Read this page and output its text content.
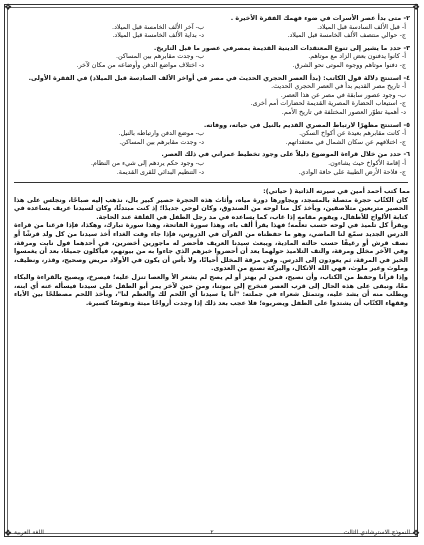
❖	❖
❖	❖
٢- متى بدأ عصر الأسرات في ضوء فهمك الفقرة الأخيرة .
أ- قبل الألف السادسة قبل الميلاد.
ب- آخر الألف الخامسة قبل الميلاد.
ج- حوالي منتصف الألف الخامسة قبل الميلاد.
د- بداية الألف الخامسة قبل الميلاد.
٣- حدد ما يشير إلى تنوع المعتقدات الدينية القديمة بمصرفي عصور ما قبل التاريخ.
أ- كانوا يدفنون بعض الزاد مع موتاهم.
ب- وجدت مقابرهم بين المساكن.
ج- دفنوا موتاهم ووجوه الموتى نحو الشرق.
د- اختلاف مواضع الدفن وأوضاعه من مكان لآخر.
٤- استنتج دلالة قول الكاتب: (بدأ العصر الحجري الحديث في مصر في أواخر الألف السادسة قبل الميلاد) في الفقرة الأولى.
أ- تاريخ مصر القديم بدأ في العصر الحجري الحديث.
ب- وجود عصور سابقة في مصر عن هذا العصر.
ج- استيعاب الحضارة المصرية القديمة لحضارات أمم أخرى.
د- أهمية تطوّر العصور المختلفة في تاريخ الأمم.
٥- استنتج مظهرًا لارتباط المصري القديم بالنيل في حياته، ووفاته.
أ- كانت مقابرهم بعيدة عن أكواخ السكن.
ب- موضع الدفن وارتباطه بالنيل.
ج- اختلافهم عن سكان الشمال في معتقداتهم.
د- وجدت مقابرهم بين المساكن.
٦- حدد من خلال قراءة الموضوع دليلاً على وجود تخطيط عمراني في ذلك العصر.
أ- إقامة الأكواخ حيث يشاءون.
ب- وجود حكم يردهم إلى شيء من النظام.
ج- فلاحة الأرض الطيبة على حافة الوادي.
د- التنظيم البدائي للقرى القديمة.
مما كتب أحمد أمين في سيرته الذاتية ( حياتي):

كان الكتّاب حجرة متصلة بالمسجد، ويجاورها دورة مياه، وأثاث هذه الحجرة حصير كبير بال، نذهب إليه صباحًا، ونجلس على هذا الحصير متربعين متلاصقين، وبأخذ كل منا لوحه من الصندوق، وكان لوحي جديدًا؛ إذ كنت مبتدئًا، وكان لسيدنا عريف يساعده في كتابة الألواح للأطفال، ويقوم مقامه إذا غاب، كما يساعده في مد رجل الطفل في الفلقة عند الحاجة.

ويقرأ كل تلميذ في لوحه حسب تعلّمه؛ فهذا يقرأ ألف باء، وهذا سورة الفاتحة، وهذا سورة تبارك، وهكذا، فإذا فرغنا من قراءة الدرس الجديد سمّع لنا الماضي، وهو ما حفظناه من القرآن في الدروس، فإذا جاء وقت الغداء أخذ سيدنا من كل ولد قرشًا أو نصف قرش أو رغيفًا حسب حالته المادية، ويبعث سيدنا العريف فأحضر له ماجورين أخضرين، في أحدهما فول نابت ومرقة، وفي الآخر مخلل ومرقة، والتف التلاميذ حولهما يعد أن أحضروا خبزهم الذي جاءوا به من بيوتهم، فيأكلون جميعًا، بعد أن يغمسوا الخبز في المرقة، ثم يعودون إلى الدرس. وفي مرقة المخلل أحيانًا، ولا بأس أن يكون في الأولاد مريض وصحيح، وقذر، ونظيف، وملوث وغير ملوث، فهي الله الاتكال، والبركة تصنع من العدوى.

وإذا قرأنا وحفظ من الكتاب، وأن نصيح، فمن لم يهتز أو لم يصح لم يشعر الأ والعصا تنزل عليه؛ فيصرخ، ويصيح بالقراءة والبكاء معًا، ونبقى على هذه الحال إلى قرب العصر فنخرج إلى بيوتنا، ومن حين لآخر يمر أبو الطفل على سيدنا فيسأله عنه أي ابنه، ويطلب منه أن يشد عليه، وتتمثل شعراء في جملته: "أنا يا سيدنا أي اللحم لك والعظم لنا"، وبأخذ اللحم مصطلحًا بين الأباء وفقهاء الكتّاب أن يشتدوا على الطفل ويضربوه؛ فلا عجب بعد ذلك إذا وجدت أرواحًا ميتة ونفوسًا كسيرة.

النموذج الاسترشادي الثالث
٢
اللغة العربية
